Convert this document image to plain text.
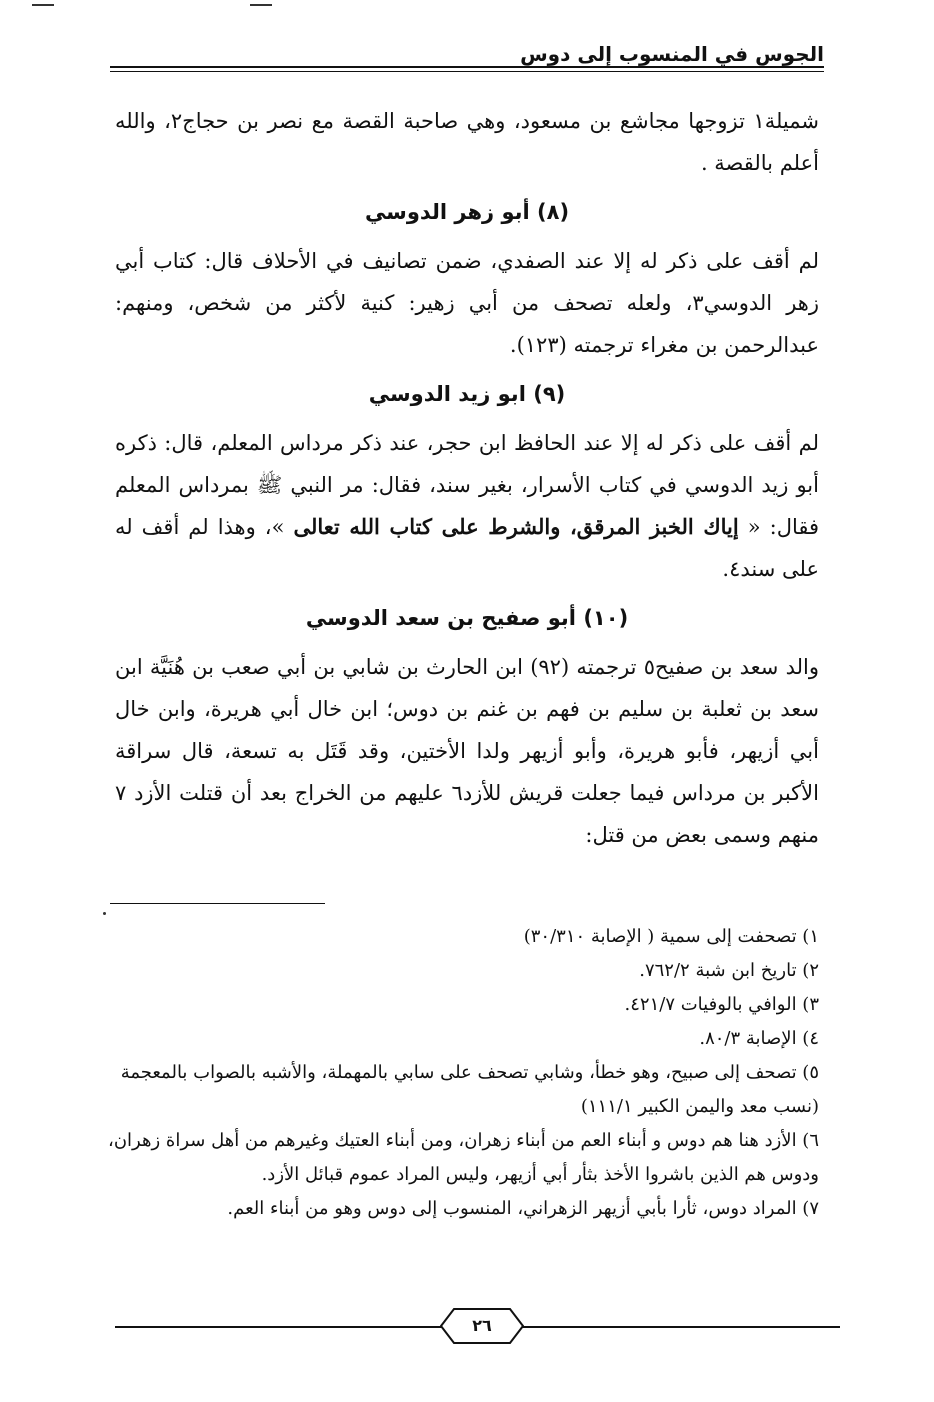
الجوس في المنسوب إلى دوس

شميلة١ تزوجها مجاشع بن مسعود، وهي صاحبة القصة مع نصر بن حجاج٢، والله أعلم بالقصة .

(٨) أبو زهر الدوسي

لم أقف على ذكر له إلا عند الصفدي، ضمن تصانيف في الأحلاف قال: كتاب أبي زهر الدوسي٣، ولعله تصحف من أبي زهير: كنية لأكثر من شخص، ومنهم: عبدالرحمن بن مغراء ترجمته (١٢٣).

(٩) ابو زيد الدوسي

لم أقف على ذكر له إلا عند الحافظ ابن حجر، عند ذكر مرداس المعلم، قال: ذكره أبو زيد الدوسي في كتاب الأسرار، بغير سند، فقال: مر النبي ﷺ بمرداس المعلم فقال: « إياك الخبز المرقق، والشرط على كتاب الله تعالى »، وهذا لم أقف له على سند٤.

(١٠) أبو صفيح بن سعد الدوسي

والد سعد بن صفيح٥ ترجمته (٩٢) ابن الحارث بن شابي بن أبي صعب بن هُنَيَّة ابن سعد بن ثعلبة بن سليم بن فهم بن غنم بن دوس؛ ابن خال أبي هريرة، وابن خال أبي أزيهر، فأبو هريرة، وأبو أزيهر ولدا الأختين، وقد قَتَل به تسعة، قال سراقة الأكبر بن مرداس فيما جعلت قريش للأزد٦ عليهم من الخراج بعد أن قتلت الأزد ٧ منهم وسمى بعض من قتل:

١) تصحفت إلى سمية ( الإصابة ٣٠/٣١٠)

٢) تاريخ ابن شبة ٧٦٢/٢.

٣) الوافي بالوفيات ٤٢١/٧.

٤) الإصابة ٨٠/٣.

٥) تصحف إلى صبيح، وهو خطأ، وشابي تصحف على سابي بالمهملة، والأشبه بالصواب بالمعجمة (نسب معد واليمن الكبير ١١١/١)

٦) الأزد هنا هم دوس و أبناء العم من أبناء زهران، ومن أبناء العتيك وغيرهم من أهل سراة زهران، ودوس هم الذين باشروا الأخذ بثأر أبي أزيهر، وليس المراد عموم قبائل الأزد.

٧) المراد دوس، ثأرا بأبي أزيهر الزهراني، المنسوب إلى دوس وهو من أبناء العم.

٢٦
